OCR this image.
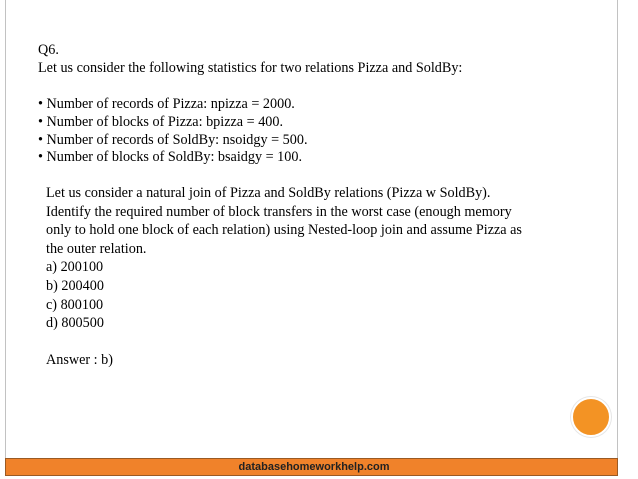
Q6.
Let us consider the following statistics for two relations Pizza and SoldBy:
• Number of records of Pizza: npizza = 2000.
• Number of blocks of Pizza: bpizza = 400.
• Number of records of SoldBy: nsoidgy = 500.
• Number of blocks of SoldBy: bsaidgy = 100.
Let us consider a natural join of Pizza and SoldBy relations (Pizza w SoldBy).
Identify the required number of block transfers in the worst case (enough memory
only to hold one block of each relation) using Nested-loop join and assume Pizza as
the outer relation.
a) 200100
b) 200400
c) 800100
d) 800500
Answer : b)
databasehomeworkhelp.com
